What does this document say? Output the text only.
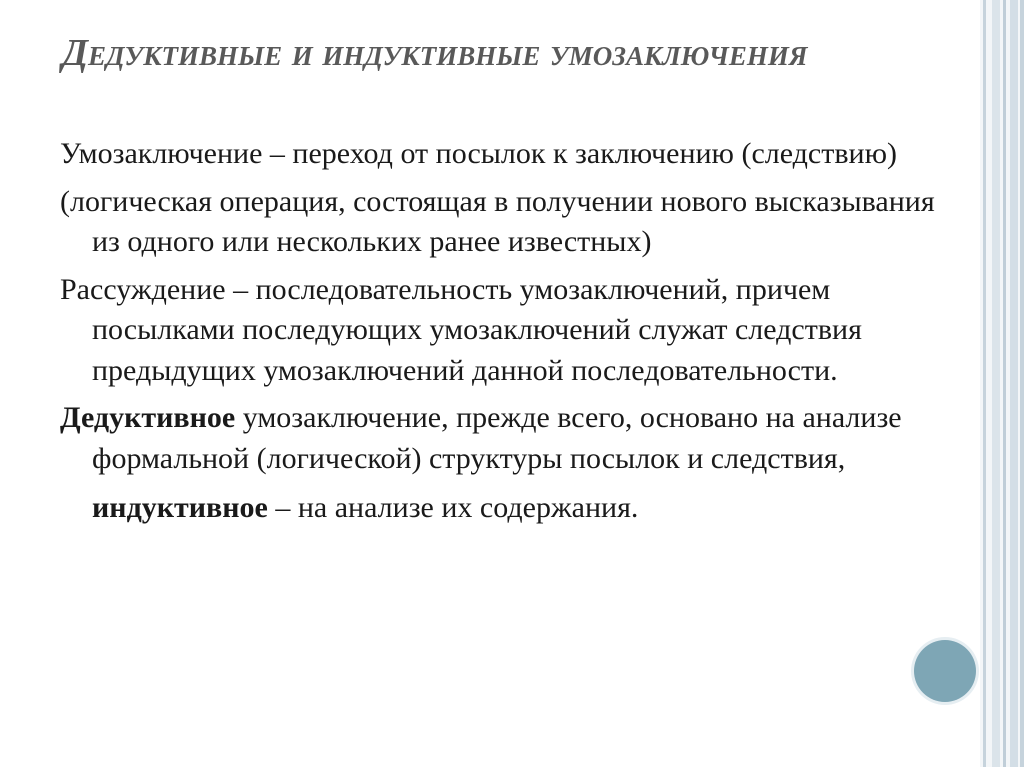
Дедуктивные и индуктивные умозаключения

Умозаключение – переход от посылок к заключению (следствию)

(логическая операция, состоящая в получении нового высказывания из одного или нескольких ранее известных)

Рассуждение – последовательность умозаключений, причем посылками последующих умозаключений служат следствия предыдущих умозаключений данной последовательности.

Дедуктивное умозаключение, прежде всего, основано на анализе формальной (логической) структуры посылок и следствия,

индуктивное – на анализе их содержания.
